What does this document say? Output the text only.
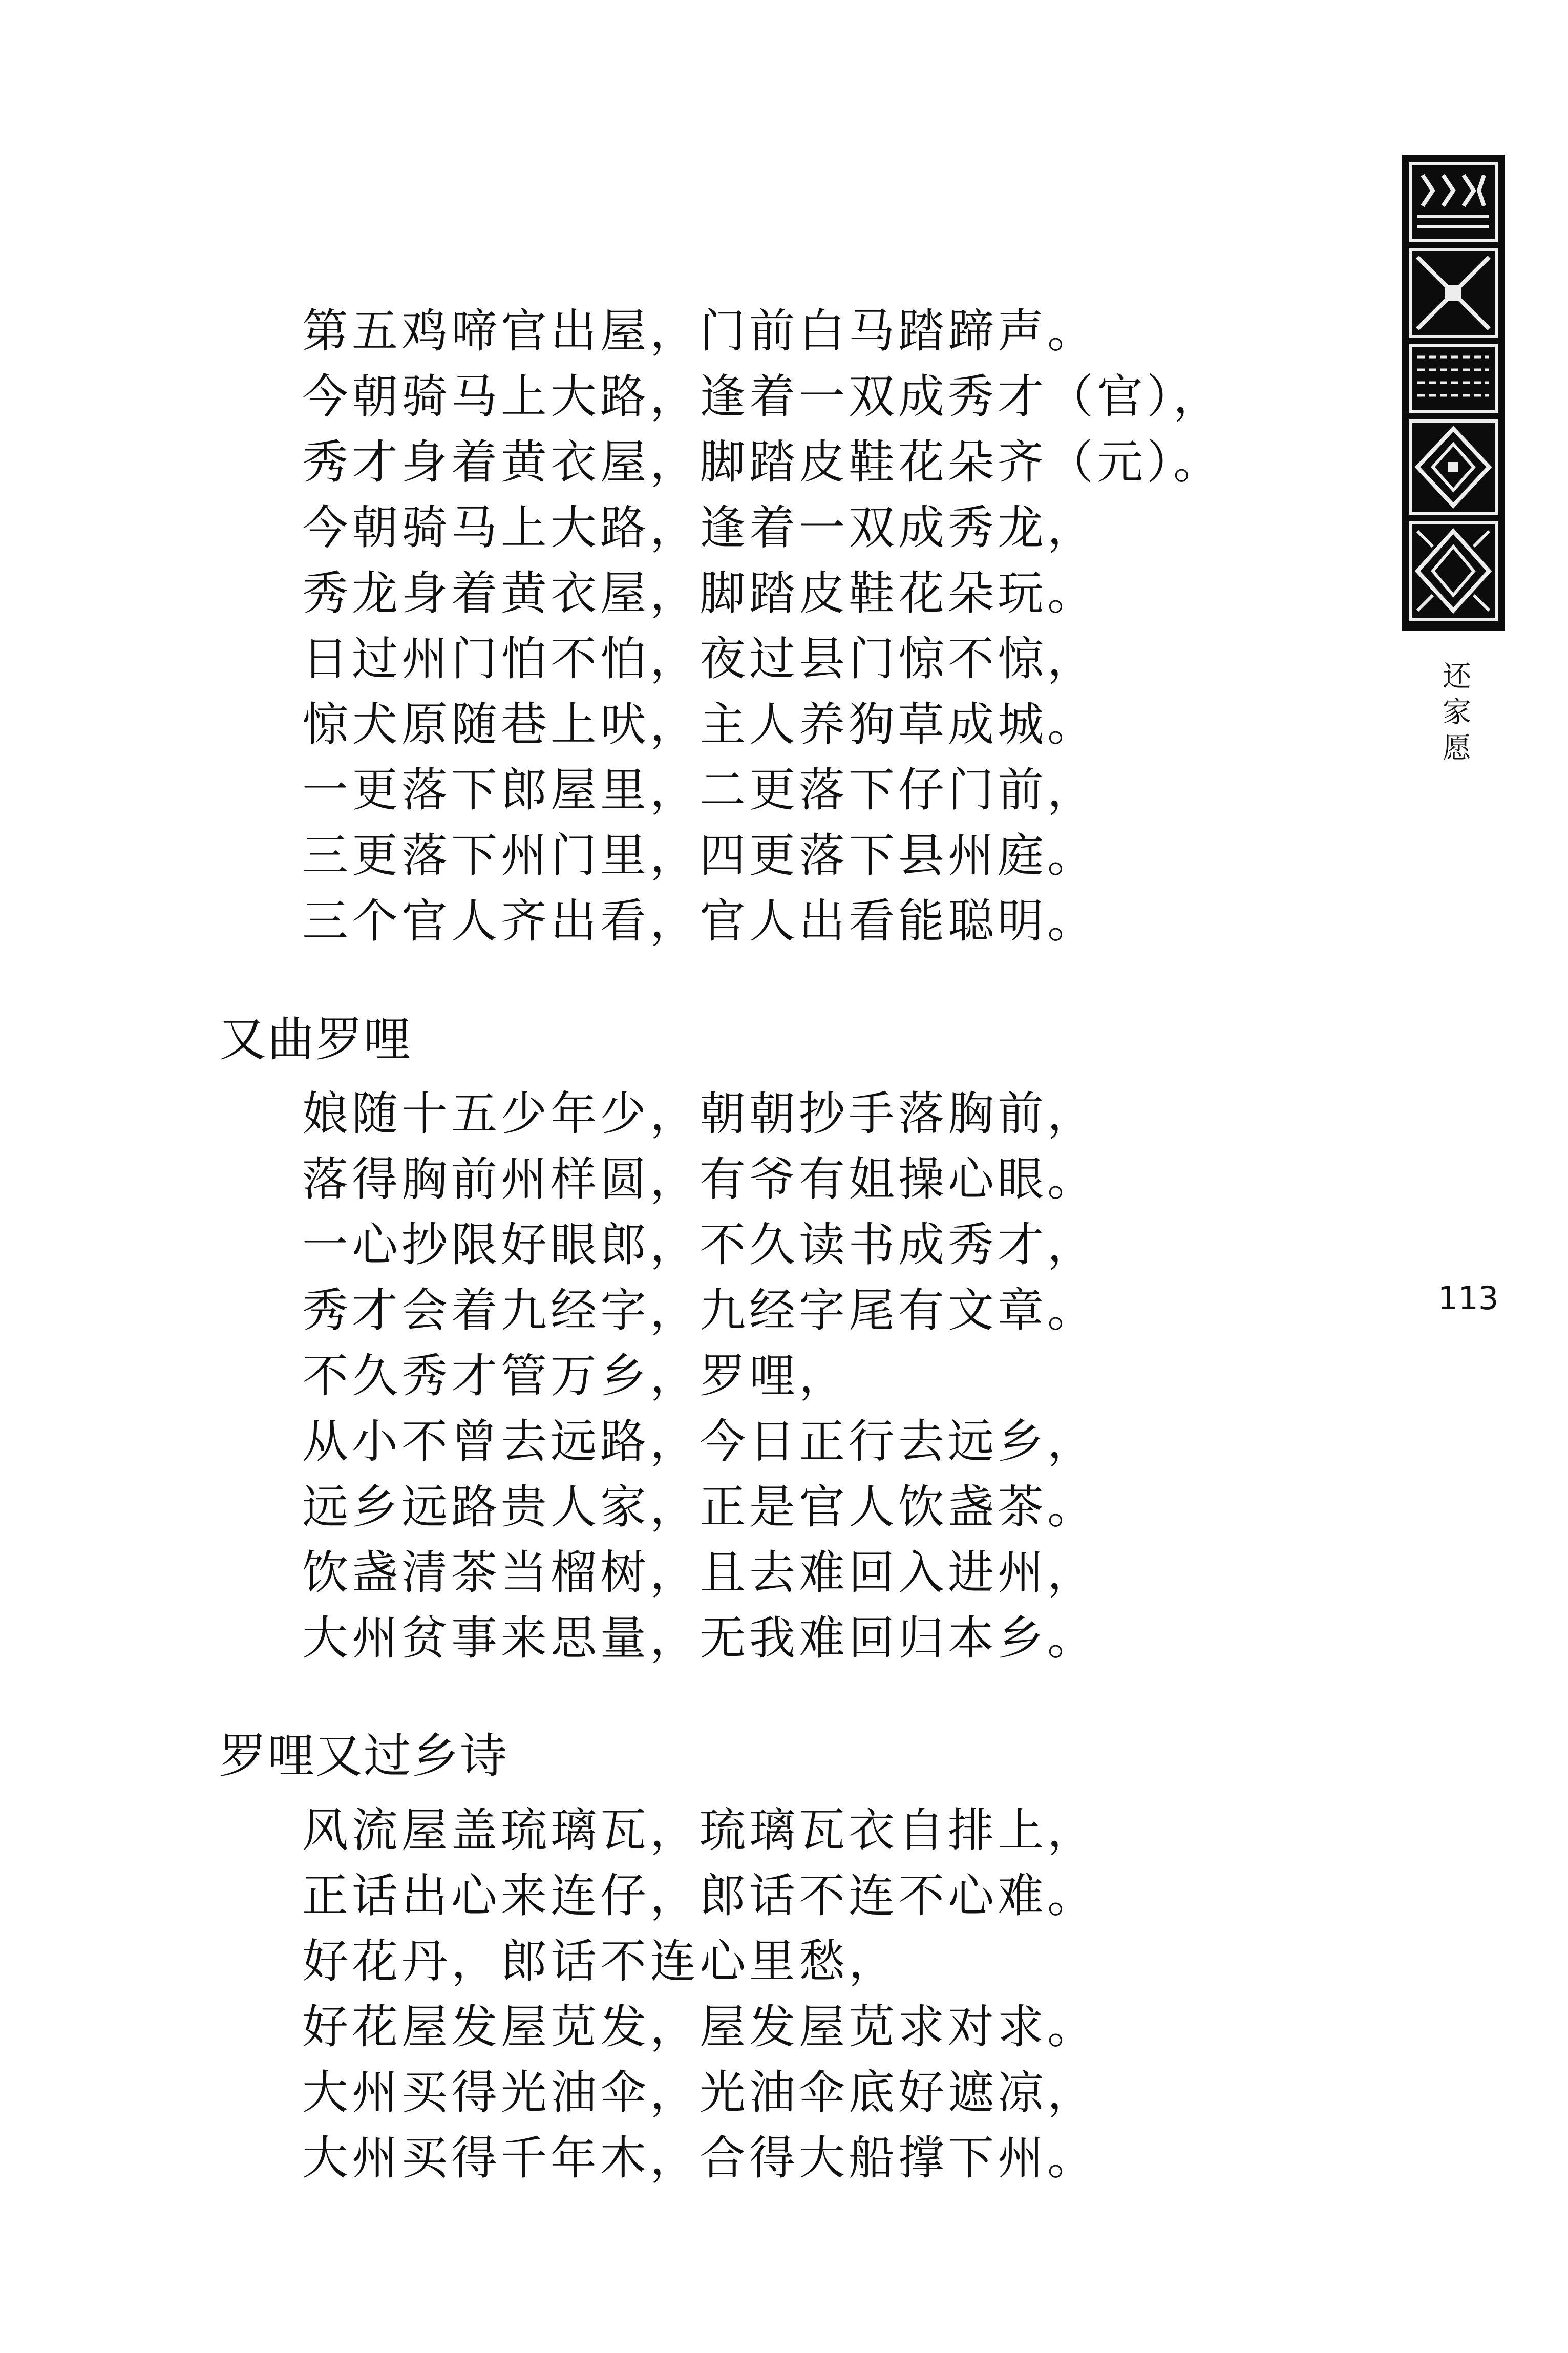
第五鸡啼官出屋，门前白马踏蹄声。
今朝骑马上大路，逢着一双成秀才（官），
秀才身着黄衣屋，脚踏皮鞋花朵齐（元）。
今朝骑马上大路，逢着一双成秀龙，
秀龙身着黄衣屋，脚踏皮鞋花朵玩。
日过州门怕不怕，夜过县门惊不惊，
惊犬原随巷上吠，主人养狗草成城。
一更落下郎屋里，二更落下仔门前，
三更落下州门里，四更落下县州庭。
三个官人齐出看，官人出看能聪明。
又曲罗哩
娘随十五少年少，朝朝抄手落胸前，
落得胸前州样圆，有爷有姐操心眼。
一心抄限好眼郎，不久读书成秀才，
秀才会着九经字，九经字尾有文章。
不久秀才管万乡，罗哩，
从小不曾去远路，今日正行去远乡，
远乡远路贵人家，正是官人饮盏茶。
饮盏清茶当榴树，且去难回入进州，
大州贫事来思量，无我难回归本乡。
罗哩又过乡诗
风流屋盖琉璃瓦，琉璃瓦衣自排上，
正话出心来连仔，郎话不连不心难。
好花丹，郎话不连心里愁，
好花屋发屋苋发，屋发屋苋求对求。
大州买得光油伞，光油伞底好遮凉，
大州买得千年木，合得大船撑下州。
还家愿
113
